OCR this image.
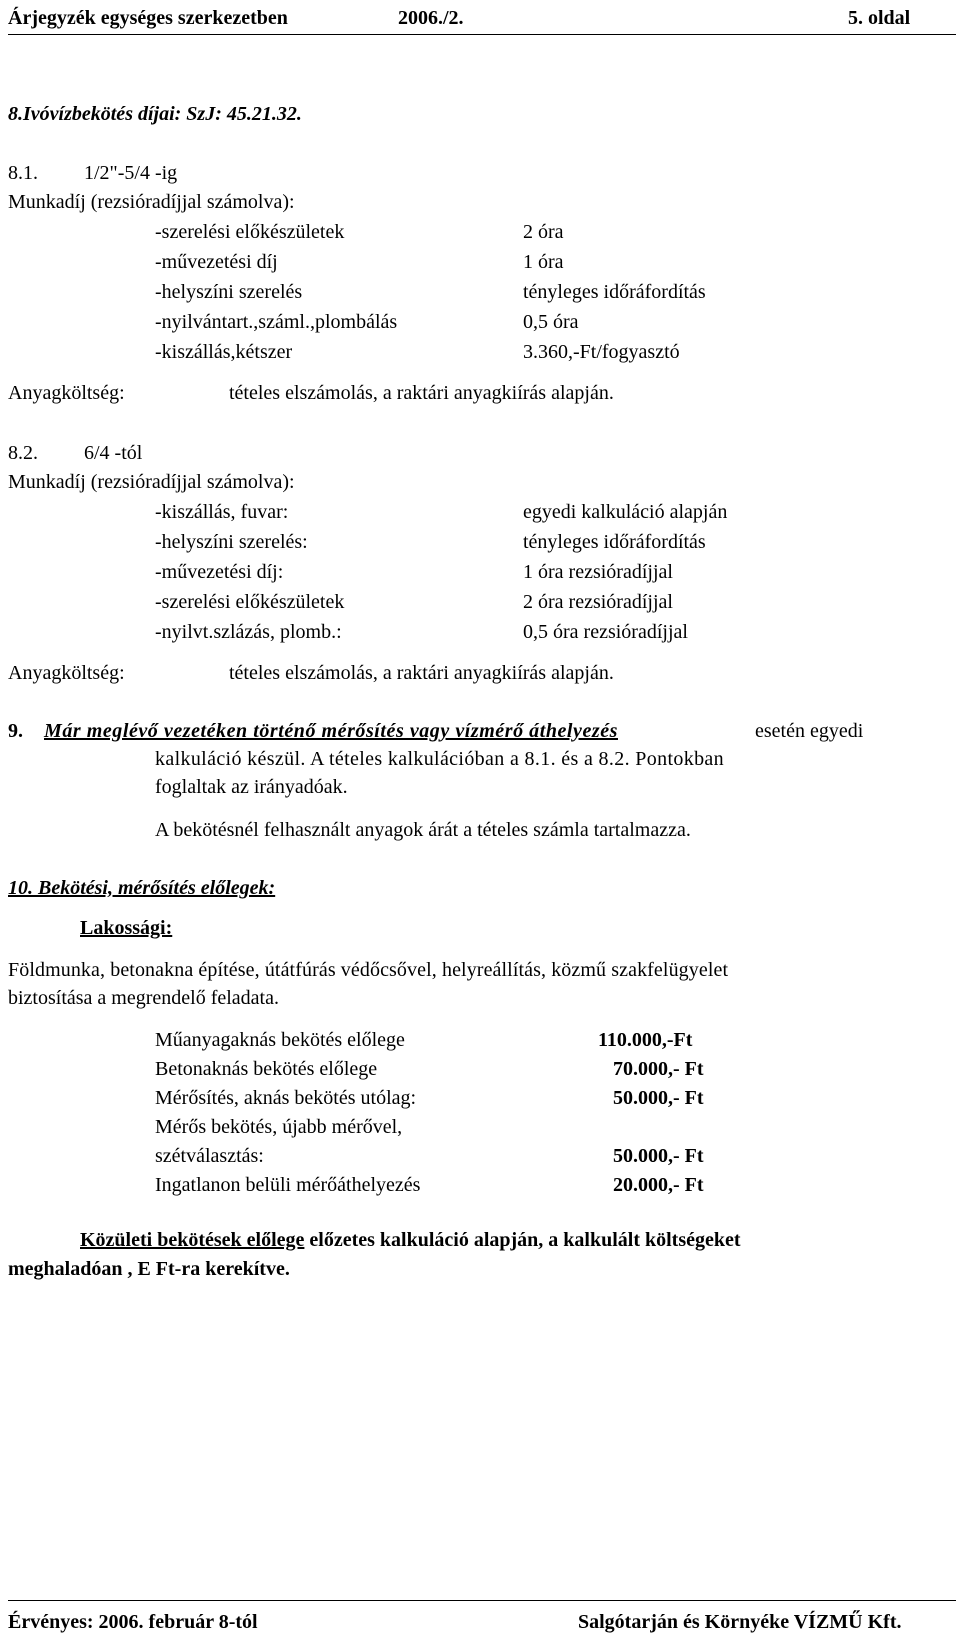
Árjegyzék egységes szerkezetben	2006./2.	5. oldal
8.Ivóvízbekötés díjai: SzJ: 45.21.32.
8.1. 1/2"-5/4 -ig
Munkadíj (rezsióradíjjal számolva):
-szerelési előkészületek	2 óra
-művezetési díj	1 óra
-helyszíni szerelés	tényleges időráfordítás
-nyilvántart.,száml.,plombálás	0,5 óra
-kiszállás,kétszer	3.360,-Ft/fogyasztó
Anyagköltség:	tételes elszámolás, a raktári anyagkiírás alapján.
8.2. 6/4 -tól
Munkadíj (rezsióradíjjal számolva):
-kiszállás, fuvar:	egyedi kalkuláció alapján
-helyszíni szerelés:	tényleges időráfordítás
-művezetési díj:	1 óra rezsióradíjjal
-szerelési előkészületek	2 óra rezsióradíjjal
-nyilvt.szlázás, plomb.:	0,5 óra rezsióradíjjal
Anyagköltség:	tételes elszámolás, a raktári anyagkiírás alapján.
9. Már meglévő vezetéken történő mérősítés vagy vízmérő áthelyezés	esetén egyedi
kalkuláció készül. A tételes kalkulációban a 8.1. és a 8.2. Pontokban
foglaltak az irányadóak.
A bekötésnél felhasznált anyagok árát a tételes számla tartalmazza.
10. Bekötési, mérősítés előlegek:
Lakossági:
Földmunka, betonakna építése, útátfúrás védőcsővel, helyreállítás, közmű szakfelügyelet
biztosítása a megrendelő feladata.
Műanyagaknás bekötés előlege	110.000,-Ft
Betonaknás bekötés előlege	70.000,- Ft
Mérősítés, aknás bekötés utólag:	50.000,- Ft
Mérős bekötés, újabb mérővel,
szétválasztás:	50.000,- Ft
Ingatlanon belüli mérőáthelyezés	20.000,- Ft
Közületi bekötések előlege előzetes kalkuláció alapján, a kalkulált költségeket
meghaladóan , E Ft-ra kerekítve.
Érvényes: 2006. február 8-tól	Salgótarján és Környéke VÍZMŰ Kft.
